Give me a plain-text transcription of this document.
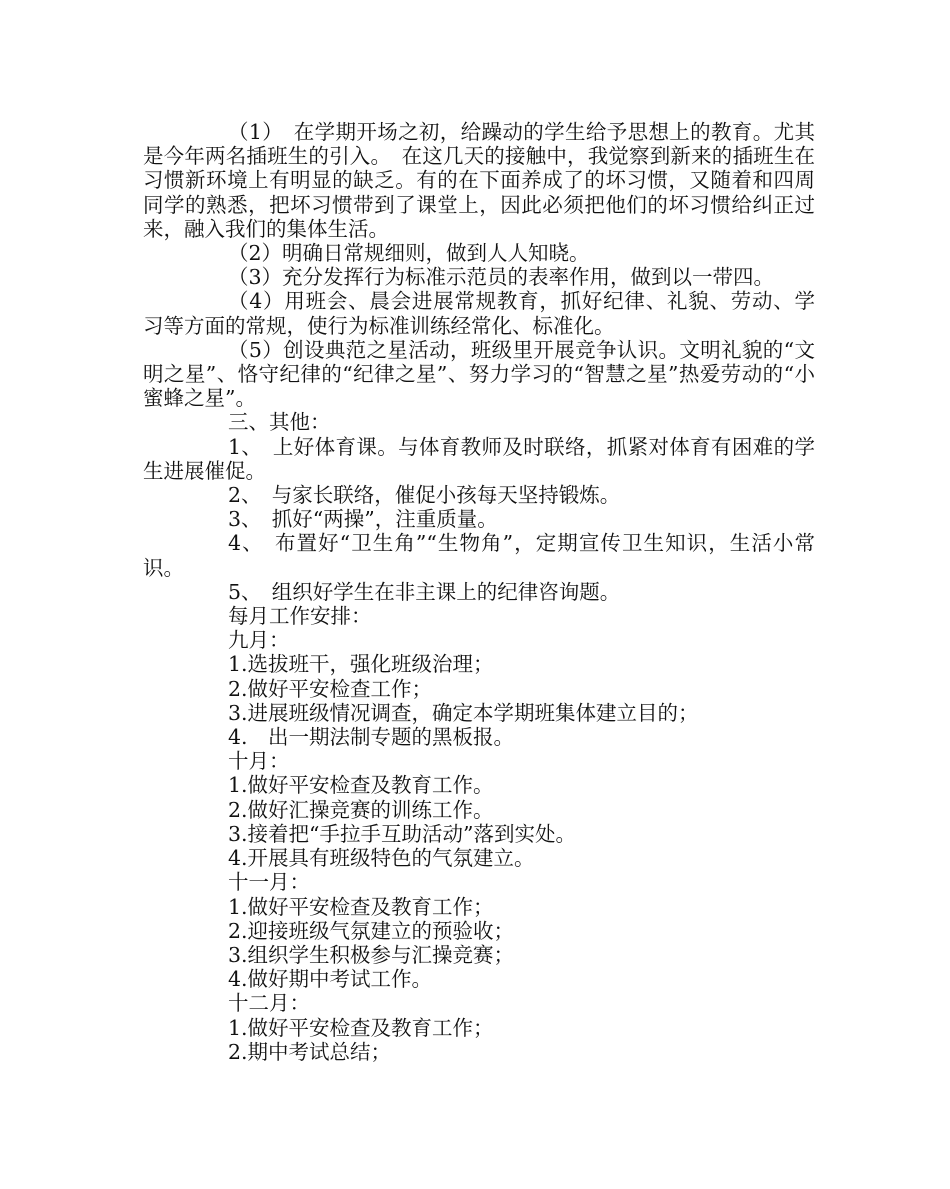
（1）　在学期开场之初，给躁动的学生给予思想上的教育。尤其是今年两名插班生的引入。　在这几天的接触中，我觉察到新来的插班生在习惯新环境上有明显的缺乏。有的在下面养成了的坏习惯，又随着和四周同学的熟悉，把坏习惯带到了课堂上，因此必须把他们的坏习惯给纠正过来，融入我们的集体生活。

（2）明确日常规细则，做到人人知晓。

（3）充分发挥行为标准示范员的表率作用，做到以一带四。

（4）用班会、晨会进展常规教育，抓好纪律、礼貌、劳动、学习等方面的常规，使行为标准训练经常化、标准化。

（5）创设典范之星活动，班级里开展竞争认识。文明礼貌的“文明之星”、恪守纪律的“纪律之星”、努力学习的“智慧之星”热爱劳动的“小蜜蜂之星”。

三、其他：

1、　上好体育课。与体育教师及时联络，抓紧对体育有困难的学生进展催促。

2、　与家长联络，催促小孩每天坚持锻炼。

3、　抓好“两操”，注重质量。

4、　布置好“卫生角”“生物角”，定期宣传卫生知识，生活小常识。

5、　组织好学生在非主课上的纪律咨询题。

每月工作安排：

九月：

1.选拔班干，强化班级治理；

2.做好平安检查工作；

3.进展班级情况调查，确定本学期班集体建立目的；

4.　出一期法制专题的黑板报。

十月：

1.做好平安检查及教育工作。

2.做好汇操竞赛的训练工作。

3.接着把“手拉手互助活动”落到实处。

4.开展具有班级特色的气氛建立。

十一月：

1.做好平安检查及教育工作；

2.迎接班级气氛建立的预验收；

3.组织学生积极参与汇操竞赛；

4.做好期中考试工作。

十二月：

1.做好平安检查及教育工作；

2.期中考试总结；
